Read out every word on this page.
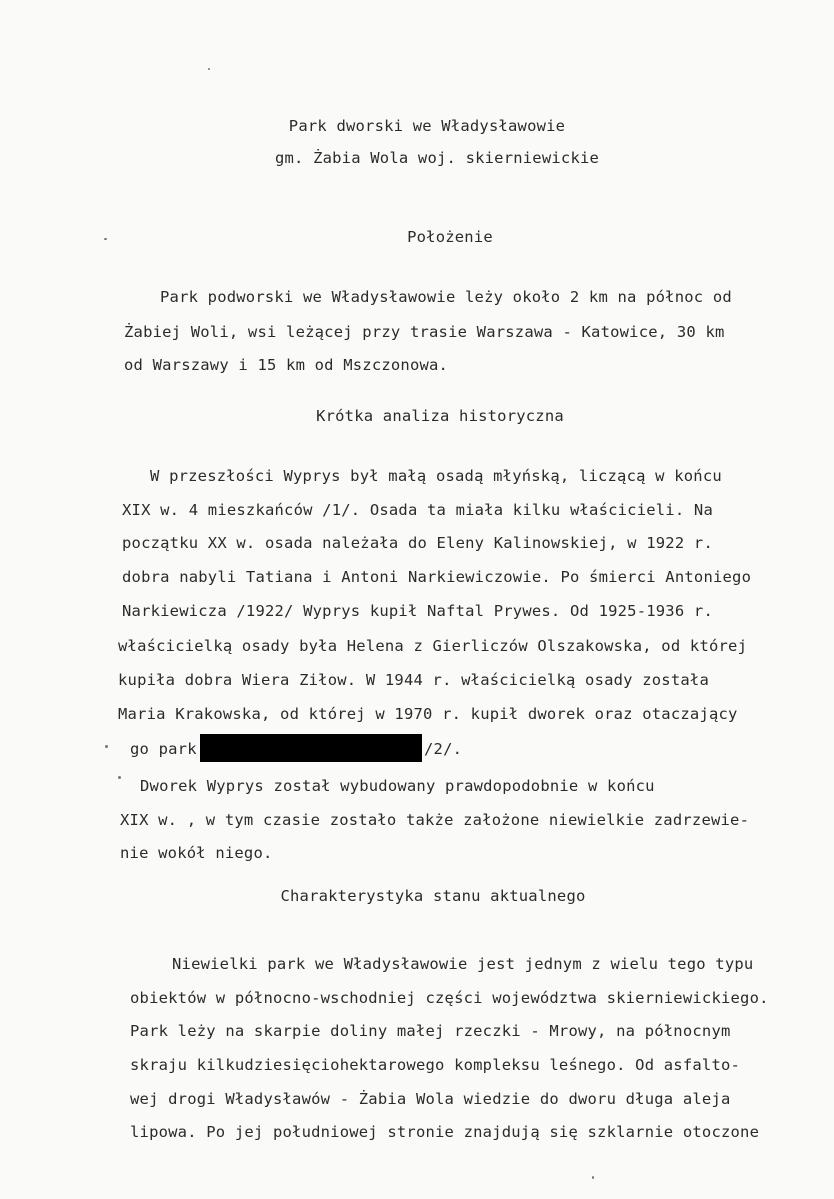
Park dworski we Władysławowie
gm. Żabia Wola woj. skierniewickie
Położenie
Park podworski we Władysławowie leży około 2 km na północ od
Żabiej Woli, wsi leżącej przy trasie Warszawa - Katowice, 30 km
od Warszawy i 15 km od Mszczonowa.
Krótka analiza historyczna
W przeszłości Wyprys był małą osadą młyńską, liczącą w końcu
XIX w. 4 mieszkańców /1/. Osada ta miała kilku właścicieli. Na
początku XX w. osada należała do Eleny Kalinowskiej, w 1922 r.
dobra nabyli Tatiana i Antoni Narkiewiczowie. Po śmierci Antoniego
Narkiewicza /1922/ Wyprys kupił Naftal Prywes. Od 1925-1936 r.
właścicielką osady była Helena z Gierliczów Olszakowska, od której
kupiła dobra Wiera Ziłow. W 1944 r. właścicielką osady została
Maria Krakowska, od której w 1970 r. kupił dworek oraz otaczający
go park	/2/.
Dworek Wyprys został wybudowany prawdopodobnie w końcu
XIX w. , w tym czasie zostało także założone niewielkie zadrzewie-
nie wokół niego.
Charakterystyka stanu aktualnego
Niewielki park we Władysławowie jest jednym z wielu tego typu
obiektów w północno-wschodniej części województwa skierniewickiego.
Park leży na skarpie doliny małej rzeczki - Mrowy, na północnym
skraju kilkudziesięciohektarowego kompleksu leśnego. Od asfalto-
wej drogi Władysławów - Żabia Wola wiedzie do dworu długa aleja
lipowa. Po jej południowej stronie znajdują się szklarnie otoczone
